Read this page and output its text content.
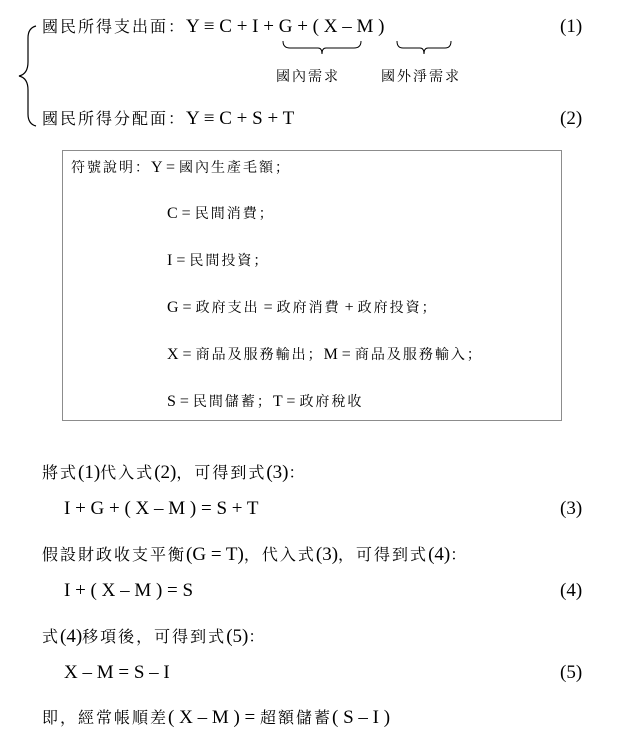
國民所得支出面：Y ≡ C + I + G + ( X – M )	(1)
國內需求	國外淨需求
國民所得分配面：Y ≡ C + S + T	(2)
符號說明：Y = 國內生產毛額；
C = 民間消費；
I = 民間投資；
G = 政府支出 = 政府消費 + 政府投資；
X = 商品及服務輸出；M = 商品及服務輸入；
S = 民間儲蓄；T = 政府稅收
將式(1)代入式(2)，可得到式(3)：
I + G + ( X – M ) = S + T	(3)
假設財政收支平衡(G = T)，代入式(3)，可得到式(4)：
I + ( X – M ) = S	(4)
式(4)移項後，可得到式(5)：
X – M = S – I	(5)
即，經常帳順差( X – M ) = 超額儲蓄( S – I )
